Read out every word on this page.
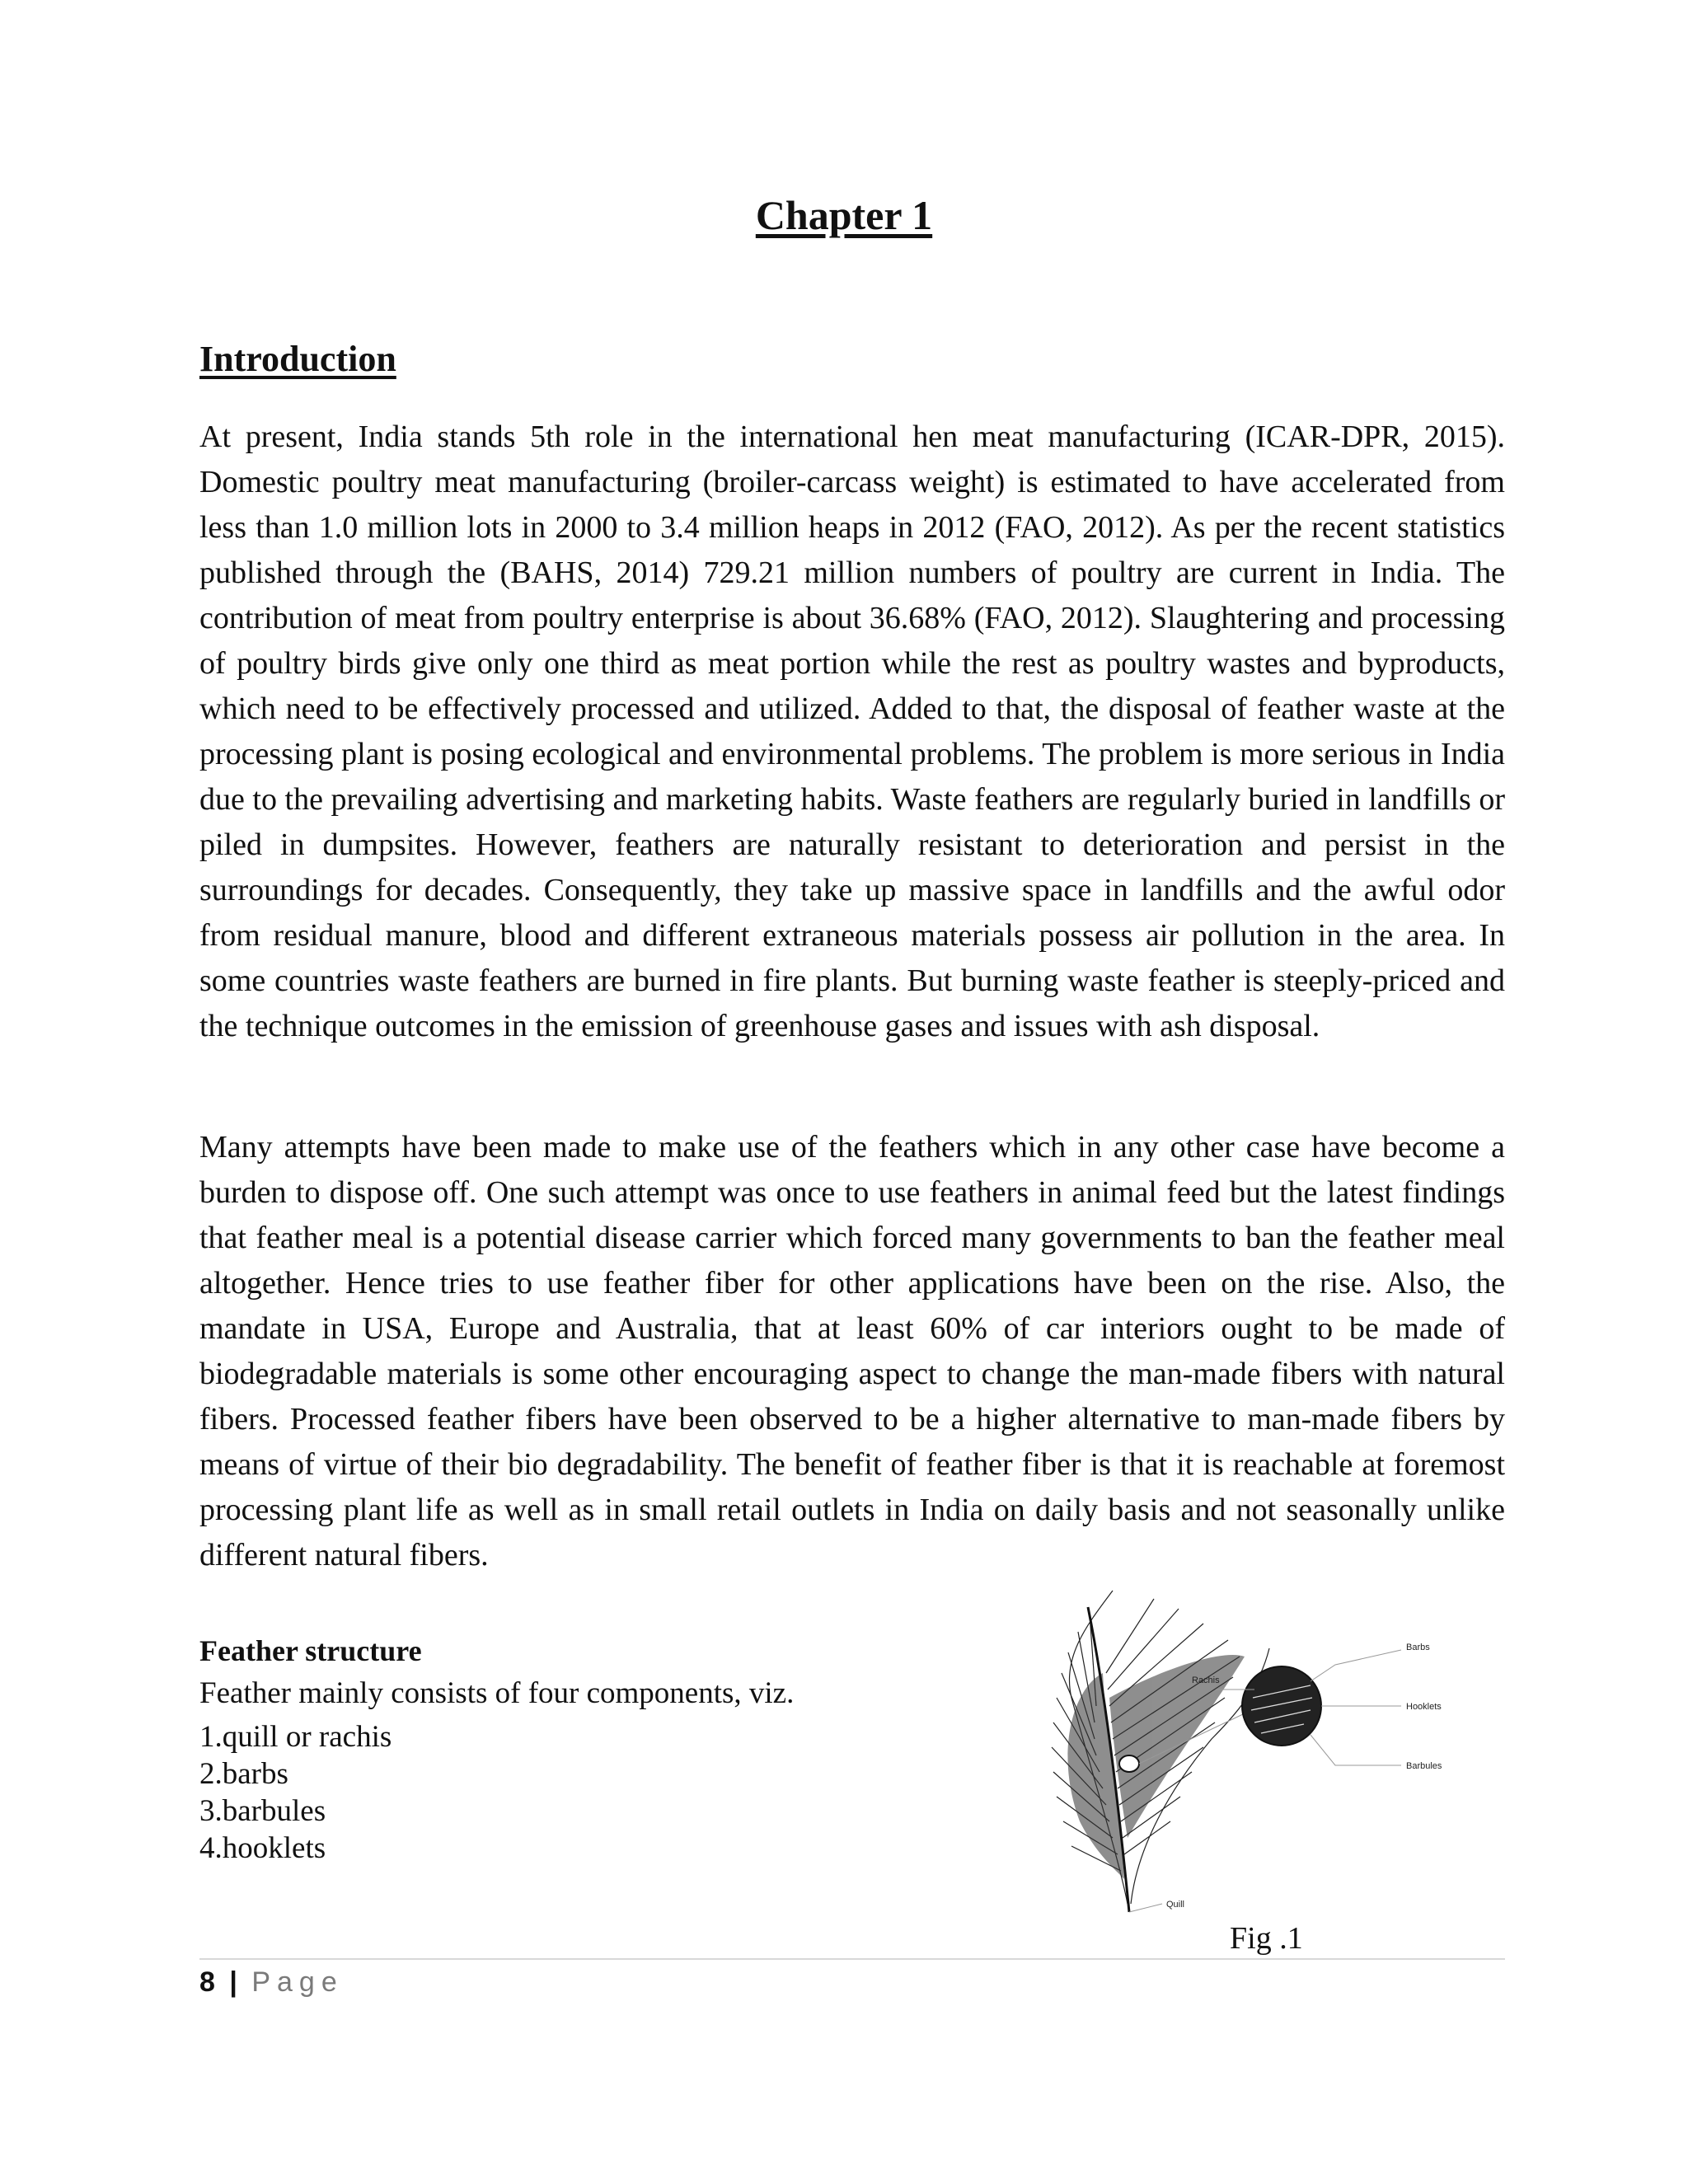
Chapter 1
Introduction

At present, India stands 5th role in the international hen meat manufacturing (ICAR-DPR, 2015). Domestic poultry meat manufacturing (broiler-carcass weight) is estimated to have accelerated from less than 1.0 million lots in 2000 to 3.4 million heaps in 2012 (FAO, 2012). As per the recent statistics published through the (BAHS, 2014) 729.21 million numbers of poultry are current in India. The contribution of meat from poultry enterprise is about 36.68% (FAO, 2012). Slaughtering and processing of poultry birds give only one third as meat portion while the rest as poultry wastes and byproducts, which need to be effectively processed and utilized. Added to that, the disposal of feather waste at the processing plant is posing ecological and environmental problems. The problem is more serious in India due to the prevailing advertising and marketing habits. Waste feathers are regularly buried in landfills or piled in dumpsites. However, feathers are naturally resistant to deterioration and persist in the surroundings for decades. Consequently, they take up massive space in landfills and the awful odor from residual manure, blood and different extraneous materials possess air pollution in the area. In some countries waste feathers are burned in fire plants. But burning waste feather is steeply-priced and the technique outcomes in the emission of greenhouse gases and issues with ash disposal.

Many attempts have been made to make use of the feathers which in any other case have become a burden to dispose off. One such attempt was once to use feathers in animal feed but the latest findings that feather meal is a potential disease carrier which forced many governments to ban the feather meal altogether. Hence tries to use feather fiber for other applications have been on the rise. Also, the mandate in USA, Europe and Australia, that at least 60% of car interiors ought to be made of biodegradable materials is some other encouraging aspect to change the man-made fibers with natural fibers. Processed feather fibers have been observed to be a higher alternative to man-made fibers by means of virtue of their bio degradability. The benefit of feather fiber is that it is reachable at foremost processing plant life as well as in small retail outlets in India on daily basis and not seasonally unlike different natural fibers.

Feather structure
Feather mainly consists of four components, viz.
1.quill or rachis
2.barbs
3.barbules
4.hooklets
Rachis
Barbs
Hooklets
Barbules
Quill
Fig .1
8 | Page
